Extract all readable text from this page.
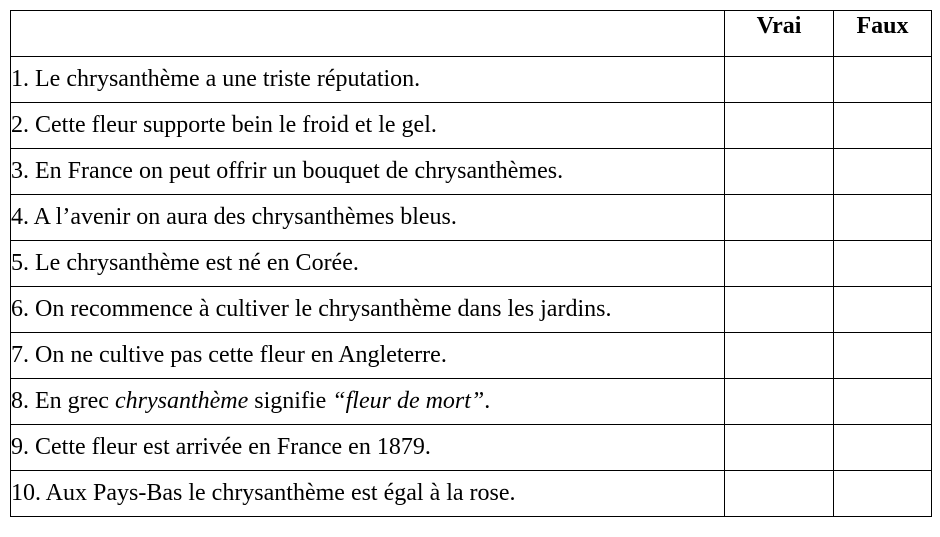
	Vrai	Faux
1. Le chrysanthème a une triste réputation.		
2. Cette fleur supporte bein le froid et le gel.		
3. En France on peut offrir un bouquet de chrysanthèmes.		
4. A l’avenir on aura des chrysanthèmes bleus.		
5. Le chrysanthème est né en Corée.		
6. On recommence à cultiver le chrysanthème dans les jardins.		
7. On ne cultive pas cette fleur en Angleterre.		
8. En grec chrysanthème signifie “fleur de mort”.		
9. Cette fleur est arrivée en France en 1879.		
10. Aux Pays-Bas le chrysanthème est égal à la rose.		
